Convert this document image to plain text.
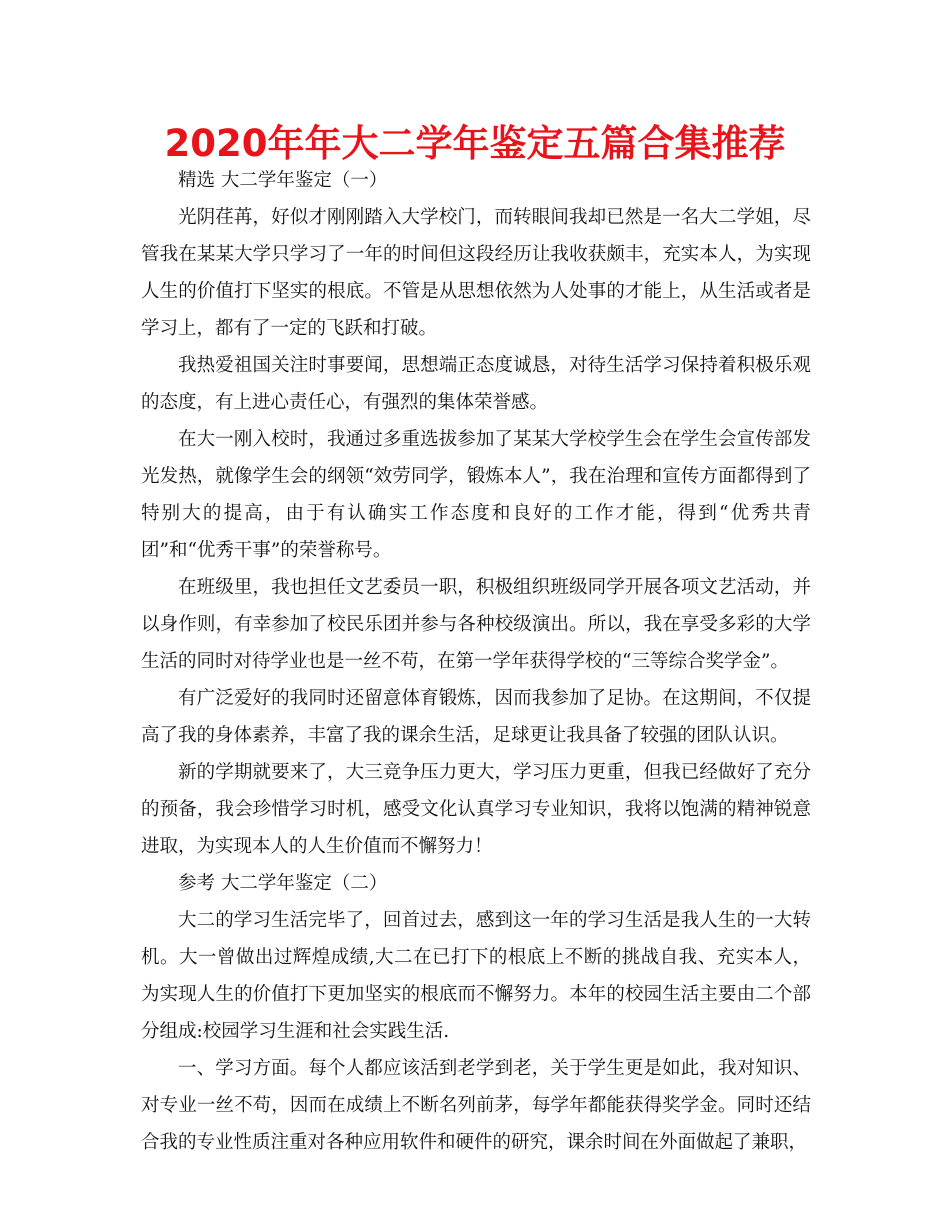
2020年年大二学年鉴定五篇合集推荐

精选 大二学年鉴定（一）

光阴荏苒，好似才刚刚踏入大学校门，而转眼间我却已然是一名大二学姐，尽管我在某某大学只学习了一年的时间但这段经历让我收获颇丰，充实本人，为实现人生的价值打下坚实的根底。不管是从思想依然为人处事的才能上，从生活或者是学习上，都有了一定的飞跃和打破。

我热爱祖国关注时事要闻，思想端正态度诚恳，对待生活学习保持着积极乐观的态度，有上进心责任心，有强烈的集体荣誉感。

在大一刚入校时，我通过多重选拔参加了某某大学校学生会在学生会宣传部发光发热，就像学生会的纲领“效劳同学，锻炼本人”，我在治理和宣传方面都得到了特别大的提高，由于有认确实工作态度和良好的工作才能，得到“优秀共青团”和“优秀干事”的荣誉称号。

在班级里，我也担任文艺委员一职，积极组织班级同学开展各项文艺活动，并以身作则，有幸参加了校民乐团并参与各种校级演出。所以，我在享受多彩的大学生活的同时对待学业也是一丝不苟，在第一学年获得学校的“三等综合奖学金”。

有广泛爱好的我同时还留意体育锻炼，因而我参加了足协。在这期间，不仅提高了我的身体素养，丰富了我的课余生活，足球更让我具备了较强的团队认识。

新的学期就要来了，大三竞争压力更大，学习压力更重，但我已经做好了充分的预备，我会珍惜学习时机，感受文化认真学习专业知识，我将以饱满的精神锐意进取，为实现本人的人生价值而不懈努力！

参考 大二学年鉴定（二）

大二的学习生活完毕了，回首过去，感到这一年的学习生活是我人生的一大转机。大一曾做出过辉煌成绩,大二在已打下的根底上不断的挑战自我、充实本人，为实现人生的价值打下更加坚实的根底而不懈努力。本年的校园生活主要由二个部分组成:校园学习生涯和社会实践生活.

一、学习方面。每个人都应该活到老学到老，关于学生更是如此，我对知识、对专业一丝不苟，因而在成绩上不断名列前茅，每学年都能获得奖学金。同时还结合我的专业性质注重对各种应用软件和硬件的研究，课余时间在外面做起了兼职，
